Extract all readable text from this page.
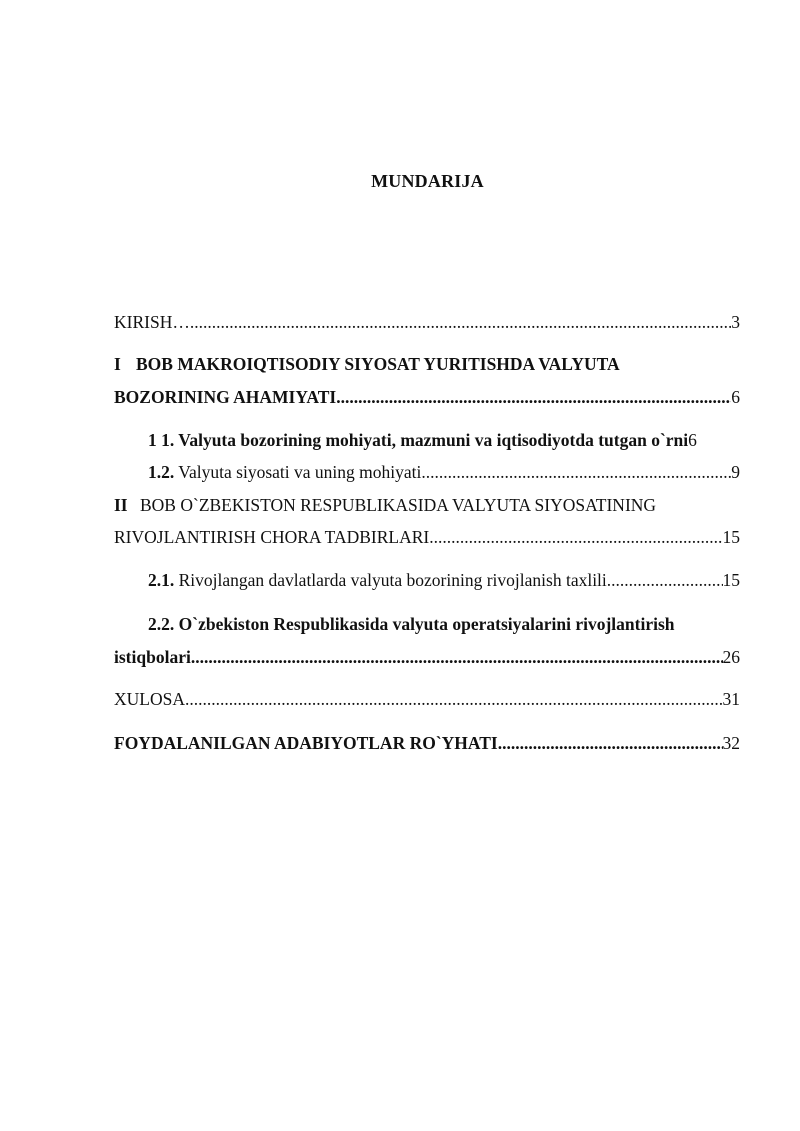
MUNDARIJA
KIRISH… .....	3
I BOB MAKROIQTISODIY SIYOSAT YURITISHDA VALYUTA
BOZORINING AHAMIYATI .....	6
1 1. Valyuta bozorining mohiyati, mazmuni va iqtisodiyotda tutgan o`rni 6
1.2. Valyuta siyosati va uning mohiyati .....	9
II BOB O`ZBEKISTON RESPUBLIKASIDA VALYUTA SIYOSATINING
RIVOJLANTIRISH CHORA TADBIRLARI .....	15
2.1. Rivojlangan davlatlarda valyuta bozorining rivojlanish taxlili .....	15
2.2. O`zbekiston Respublikasida valyuta operatsiyalarini rivojlantirish
istiqbolari .....	26
XULOSA .....	31
FOYDALANILGAN ADABIYOTLAR RO`YHATI .....	32
